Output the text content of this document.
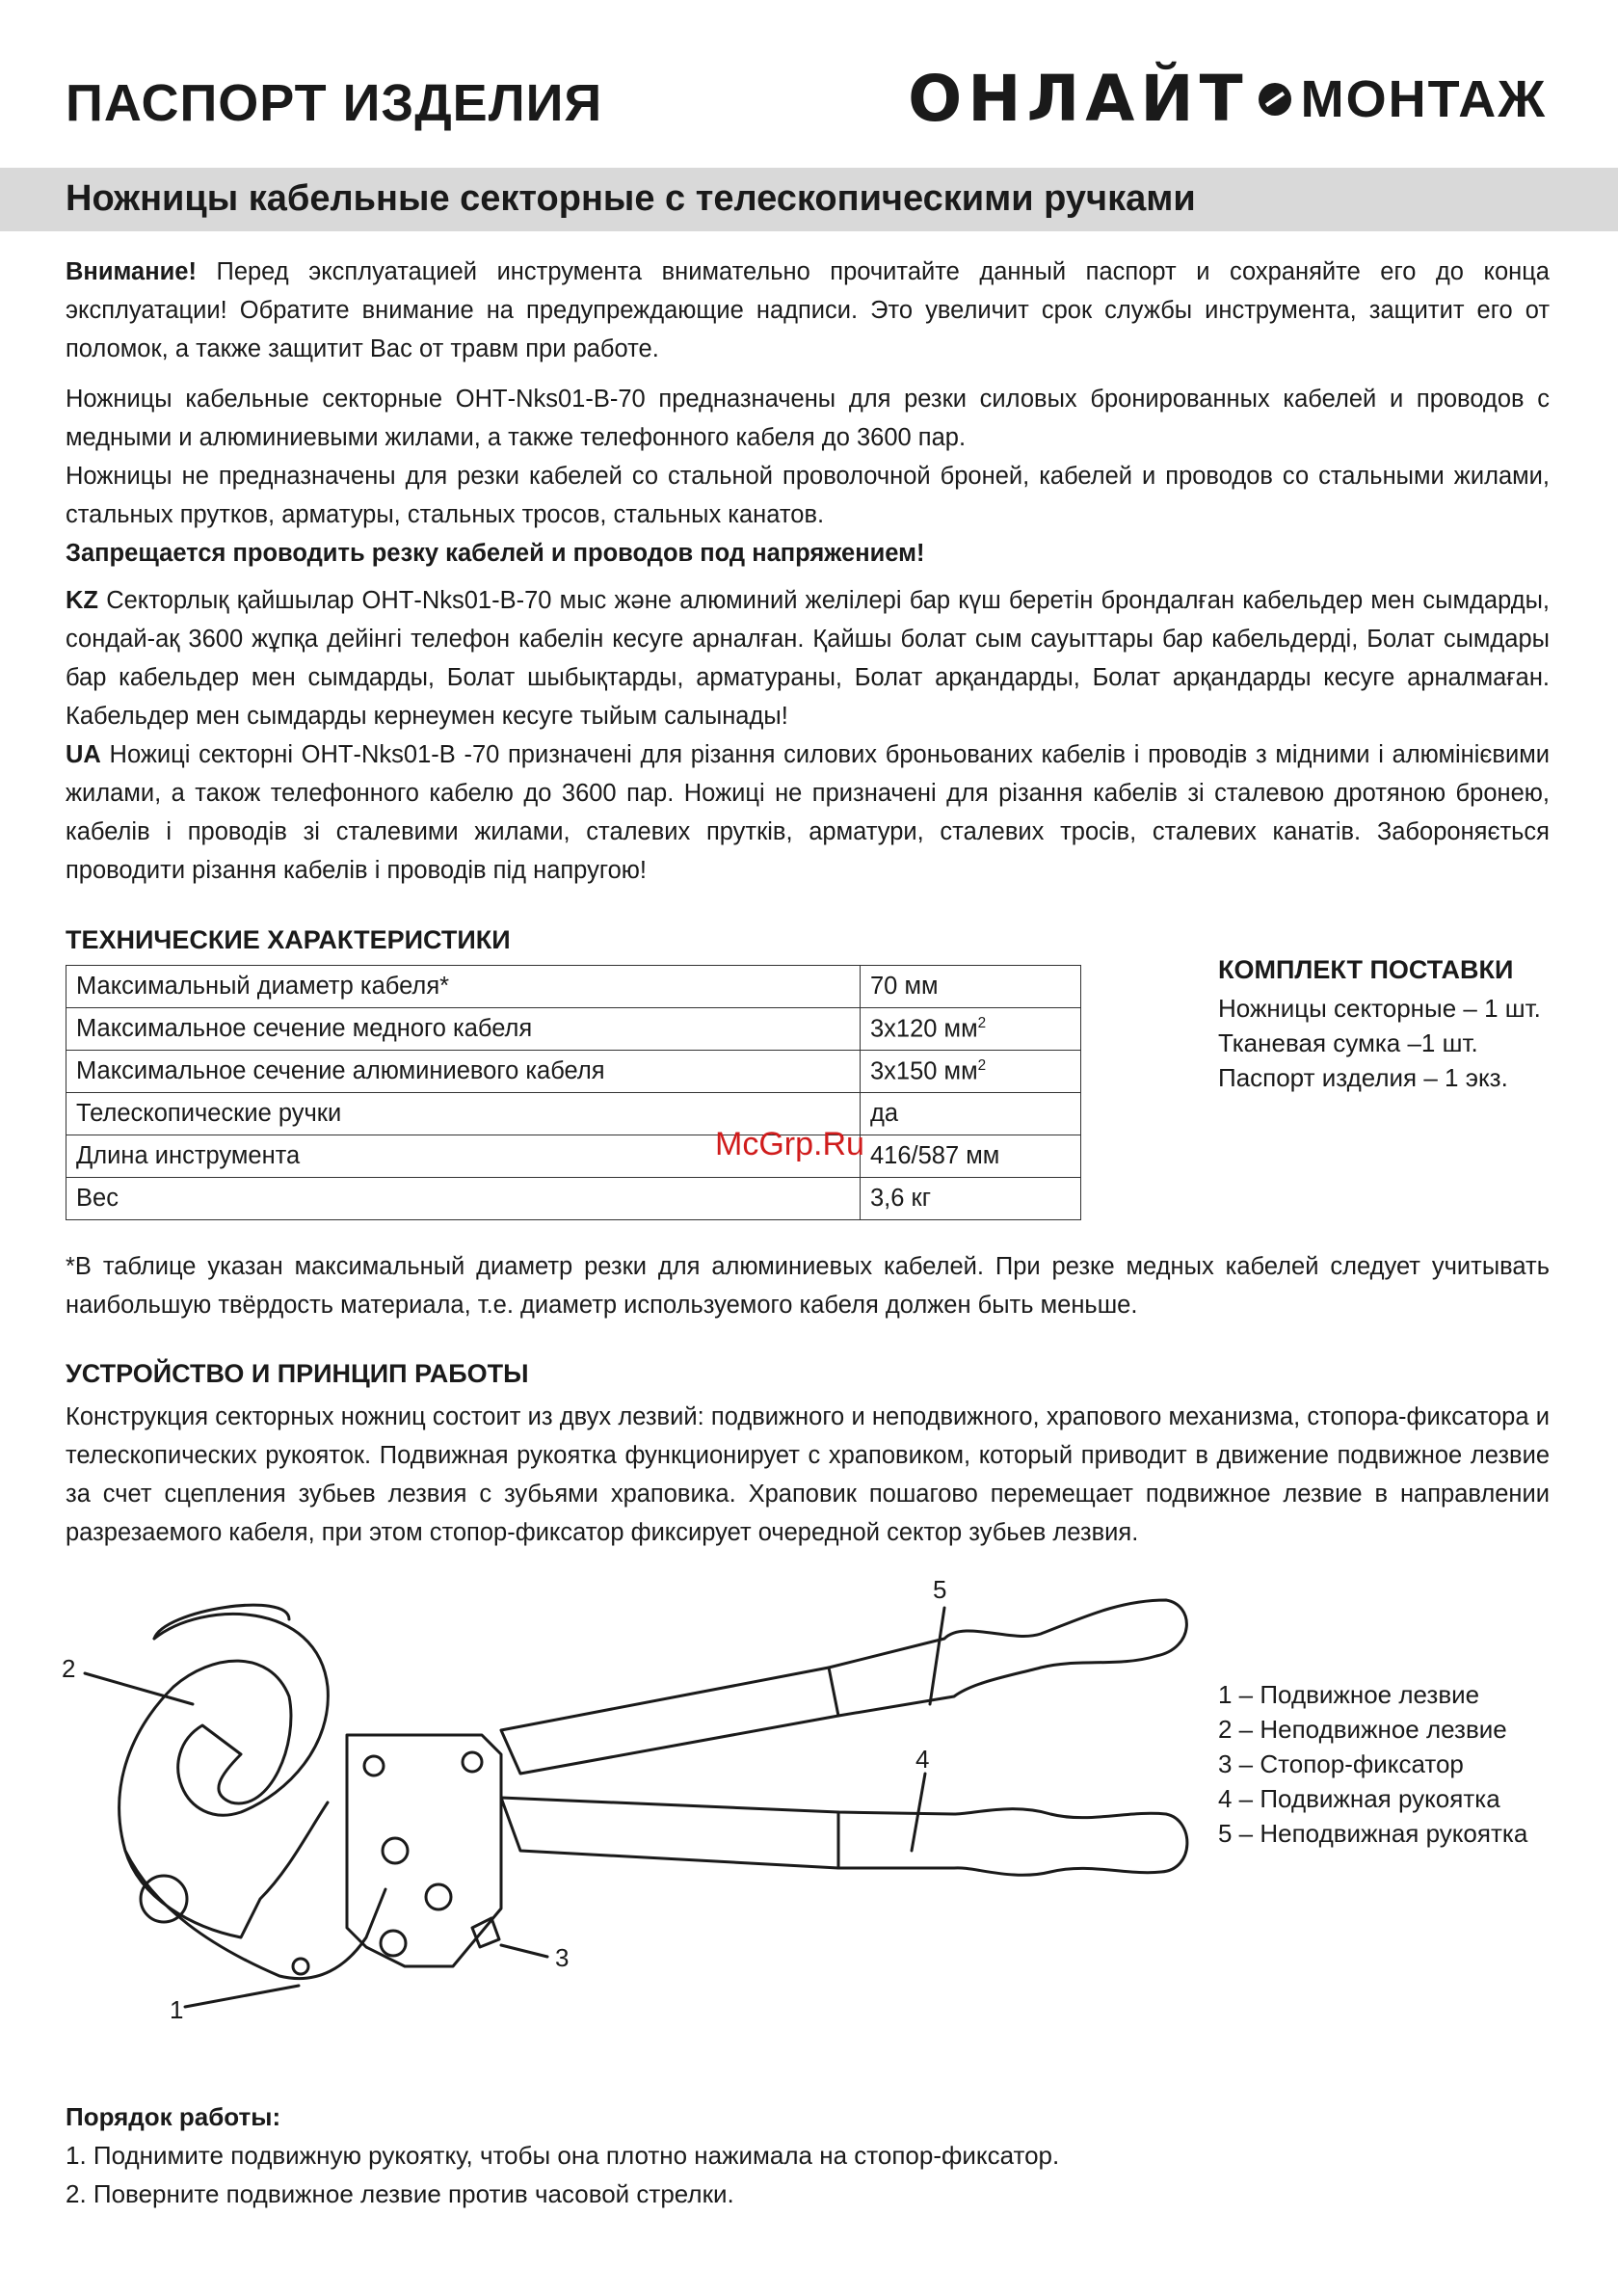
ПАСПОРТ ИЗДЕЛИЯ	ОНЛАЙТ МОНТАЖ
Ножницы кабельные секторные с телескопическими ручками
Внимание! Перед эксплуатацией инструмента внимательно прочитайте данный паспорт и сохраняйте его до конца эксплуатации! Обратите внимание на предупреждающие надписи. Это увеличит срок службы инструмента, защитит его от поломок, а также защитит Вас от травм при работе.
Ножницы кабельные секторные ОНТ-Nks01-В-70 предназначены для резки силовых бронированных кабелей и проводов с медными и алюминиевыми жилами, а также телефонного кабеля до 3600 пар.
Ножницы не предназначены для резки кабелей со стальной проволочной броней, кабелей и проводов со стальными жилами, стальных прутков, арматуры, стальных тросов, стальных канатов.
Запрещается проводить резку кабелей и проводов под напряжением!
KZ Секторлық қайшылар ОНТ-Nks01-В-70 мыс және алюминий желілері бар күш беретін брондалған кабельдер мен сымдарды, сондай-ақ 3600 жұпқа дейінгі телефон кабелін кесуге арналған. Қайшы болат сым сауыттары бар кабельдерді, Болат сымдары бар кабельдер мен сымдарды, Болат шыбықтарды, арматураны, Болат арқандарды, Болат арқандарды кесуге арналмаған. Кабельдер мен сымдарды кернеумен кесуге тыйым салынады!
UA Ножиці секторні ОНТ-Nks01-В -70 призначені для різання силових броньованих кабелів і проводів з мідними і алюмінієвими жилами, а також телефонного кабелю до 3600 пар. Ножиці не призначені для різання кабелів зі сталевою дротяною бронею, кабелів і проводів зі сталевими жилами, сталевих прутків, арматури, сталевих тросів, сталевих канатів. Забороняється проводити різання кабелів і проводів під напругою!
ТЕХНИЧЕСКИЕ ХАРАКТЕРИСТИКИ
Максимальный диаметр кабеля*	70 мм
Максимальное сечение медного кабеля	3х120 $мм^2$
Максимальное сечение алюминиевого кабеля	3х150 $мм^2$
Телескопические ручки	да
Длина инструмента	416/587 мм
Вес	3,6 кг
КОМПЛЕКТ ПОСТАВКИ
Ножницы секторные – 1 шт.
Тканевая сумка –1 шт.
Паспорт изделия – 1 экз.
*В таблице указан максимальный диаметр резки для алюминиевых кабелей. При резке медных кабелей следует учитывать наибольшую твёрдость материала, т.е. диаметр используемого кабеля должен быть меньше.
УСТРОЙСТВО И ПРИНЦИП РАБОТЫ
Конструкция секторных ножниц состоит из двух лезвий: подвижного и неподвижного, храпового механизма, стопора-фиксатора и телескопических рукояток. Подвижная рукоятка функционирует с храповиком, который приводит в движение подвижное лезвие за счет сцепления зубьев лезвия с зубьями храповика. Храповик пошагово перемещает подвижное лезвие в направлении разрезаемого кабеля, при этом стопор-фиксатор фиксирует очередной сектор зубьев лезвия.
2
1
3
4
5
1 – Подвижное лезвие
2 – Неподвижное лезвие
3 – Стопор-фиксатор
4 – Подвижная рукоятка
5 – Неподвижная рукоятка
McGrp.Ru
Порядок работы:
1. Поднимите подвижную рукоятку, чтобы она плотно нажимала на стопор-фиксатор.
2. Поверните подвижное лезвие против часовой стрелки.
